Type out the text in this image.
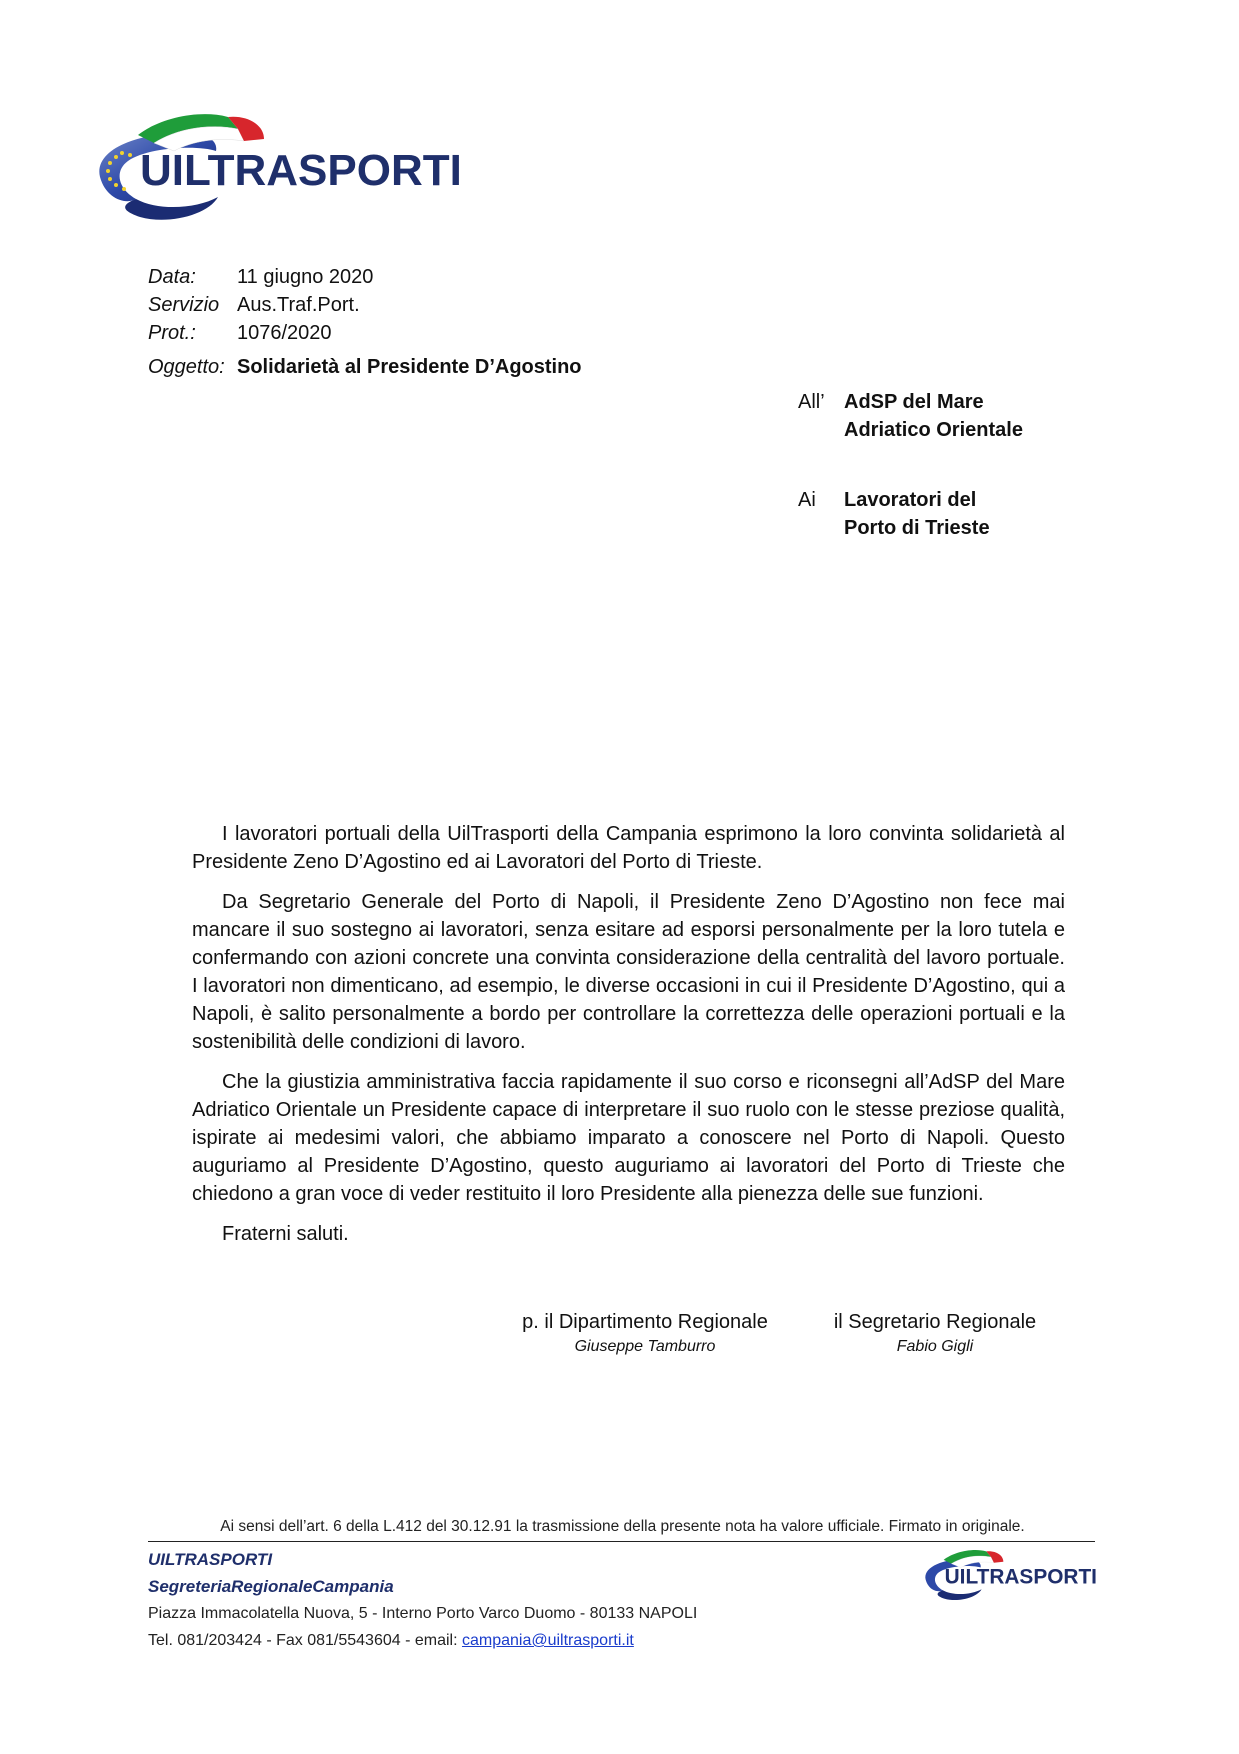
UILTRASPORTI
Data:	11 giugno 2020
Servizio Aus.Traf.Port.
Prot.:	1076/2020
Oggetto: Solidarietà al Presidente D’Agostino
All’ AdSP del Mare
Adriatico Orientale
Ai	Lavoratori del
Porto di Trieste

I lavoratori portuali della UilTrasporti della Campania esprimono la loro convinta solidarietà al Presidente Zeno D’Agostino ed ai Lavoratori del Porto di Trieste.

Da Segretario Generale del Porto di Napoli, il Presidente Zeno D’Agostino non fece mai mancare il suo sostegno ai lavoratori, senza esitare ad esporsi personalmente per la loro tutela e confermando con azioni concrete una convinta considerazione della centralità del lavoro portuale. I lavoratori non dimenticano, ad esempio, le diverse occasioni in cui il Presidente D’Agostino, qui a Napoli, è salito personalmente a bordo per controllare la correttezza delle operazioni portuali e la sostenibilità delle condizioni di lavoro.

Che la giustizia amministrativa faccia rapidamente il suo corso e riconsegni all’AdSP del Mare Adriatico Orientale un Presidente capace di interpretare il suo ruolo con le stesse preziose qualità, ispirate ai medesimi valori, che abbiamo imparato a conoscere nel Porto di Napoli. Questo auguriamo al Presidente D’Agostino, questo auguriamo ai lavoratori del Porto di Trieste che chiedono a gran voce di veder restituito il loro Presidente alla pienezza delle sue funzioni.

Fraterni saluti.
p. il Dipartimento Regionale
Giuseppe Tamburro
il Segretario Regionale
Fabio Gigli
Ai sensi dell’art. 6 della L.412 del 30.12.91 la trasmissione della presente nota ha valore ufficiale. Firmato in originale.
UILTRASPORTI
SegreteriaRegionaleCampania
Piazza Immacolatella Nuova, 5 - Interno Porto Varco Duomo - 80133 NAPOLI
Tel. 081/203424 - Fax 081/5543604 - email: campania@uiltrasporti.it
UILTRASPORTI
